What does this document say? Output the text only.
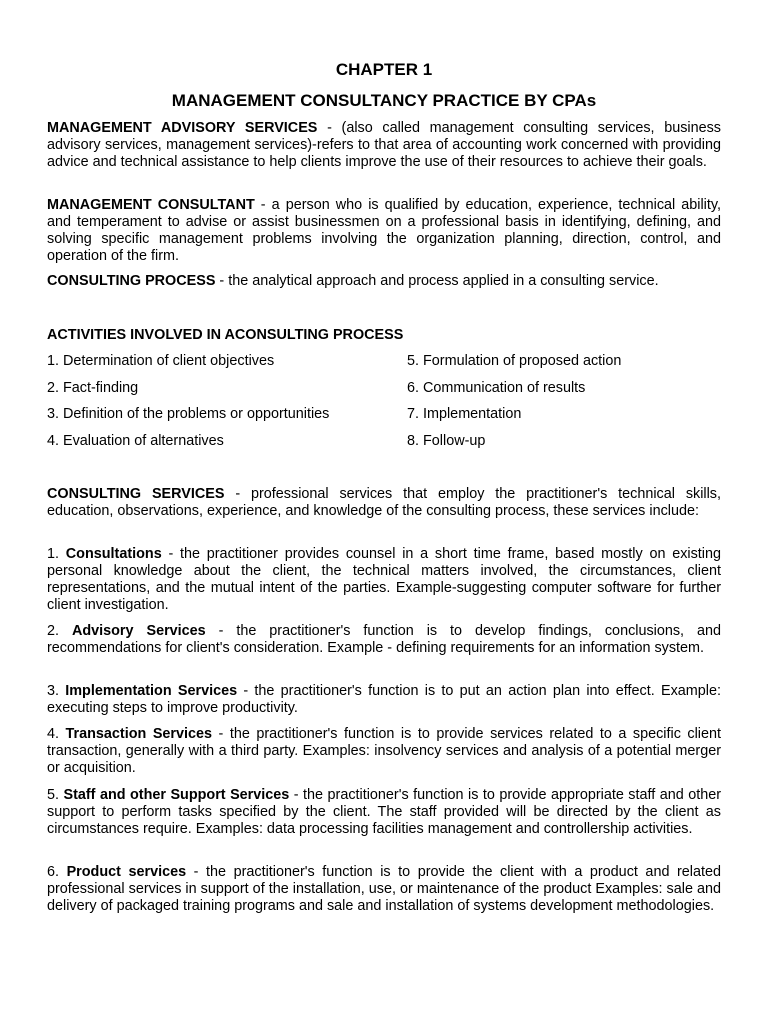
CHAPTER 1
MANAGEMENT CONSULTANCY PRACTICE BY CPAs

MANAGEMENT ADVISORY SERVICES - (also called management consulting services, business advisory services, management services)-refers to that area of accounting work concerned with providing advice and technical assistance to help clients improve the use of their resources to achieve their goals.

MANAGEMENT CONSULTANT - a person who is qualified by education, experience, technical ability, and temperament to advise or assist businessmen on a professional basis in identifying, defining, and solving specific management problems involving the organization planning, direction, control, and operation of the firm.

CONSULTING PROCESS - the analytical approach and process applied in a consulting service.

ACTIVITIES INVOLVED IN ACONSULTING PROCESS

1. Determination of client objectives	5. Formulation of proposed action
2. Fact-finding	6. Communication of results
3. Definition of the problems or opportunities	7. Implementation
4. Evaluation of alternatives	8. Follow-up

CONSULTING SERVICES - professional services that employ the practitioner's technical skills, education, observations, experience, and knowledge of the consulting process, these services include:

1. Consultations - the practitioner provides counsel in a short time frame, based mostly on existing personal knowledge about the client, the technical matters involved, the circumstances, client representations, and the mutual intent of the parties. Example-suggesting computer software for further client investigation.

2. Advisory Services - the practitioner's function is to develop findings, conclusions, and recommendations for client's consideration. Example - defining requirements for an information system.

3. Implementation Services - the practitioner's function is to put an action plan into effect. Example: executing steps to improve productivity.

4. Transaction Services - the practitioner's function is to provide services related to a specific client transaction, generally with a third party. Examples: insolvency services and analysis of a potential merger or acquisition.

5. Staff and other Support Services - the practitioner's function is to provide appropriate staff and other support to perform tasks specified by the client. The staff provided will be directed by the client as circumstances require. Examples: data processing facilities management and controllership activities.

6. Product services - the practitioner's function is to provide the client with a product and related professional services in support of the installation, use, or maintenance of the product Examples: sale and delivery of packaged training programs and sale and installation of systems development methodologies.
